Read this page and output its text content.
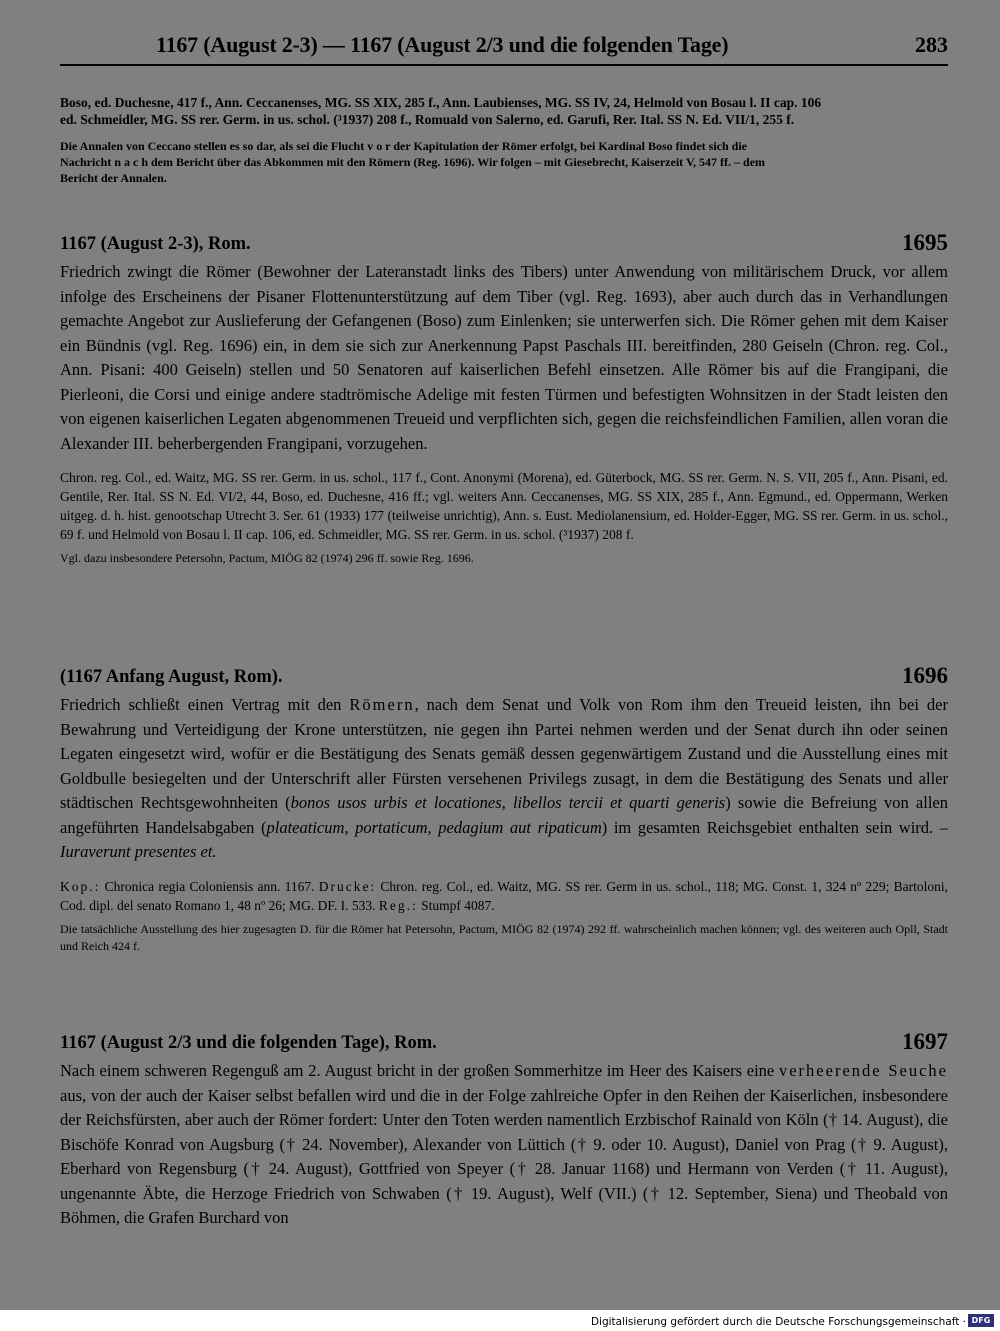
1167 (August 2-3) — 1167 (August 2/3 und die folgenden Tage)	283

Boso, ed. Duchesne, 417 f., Ann. Ceccanenses, MG. SS XIX, 285 f., Ann. Laubienses, MG. SS IV, 24, Helmold von Bosau l. II cap. 106

ed. Schmeidler, MG. SS rer. Germ. in us. schol. (³1937) 208 f., Romuald von Salerno, ed. Garufi, Rer. Ital. SS N. Ed. VII/1, 255 f.

Die Annalen von Ceccano stellen es so dar, als sei die Flucht v o r der Kapitulation der Römer erfolgt, bei Kardinal Boso findet sich die

Nachricht n a c h dem Bericht über das Abkommen mit den Römern (Reg. 1696). Wir folgen – mit Giesebrecht, Kaiserzeit V, 547 ff. – dem

Bericht der Annalen.

1167 (August 2-3), Rom.	1695

Friedrich zwingt die Römer (Bewohner der Lateranstadt links des Tibers) unter Anwendung von militärischem Druck, vor allem infolge des Erscheinens der Pisaner Flottenunterstützung auf dem Tiber (vgl. Reg. 1693), aber auch durch das in Verhandlungen gemachte Angebot zur Auslieferung der Gefangenen (Boso) zum Einlenken; sie unterwerfen sich. Die Römer gehen mit dem Kaiser ein Bündnis (vgl. Reg. 1696) ein, in dem sie sich zur Anerkennung Papst Paschals III. bereitfinden, 280 Geiseln (Chron. reg. Col., Ann. Pisani: 400 Geiseln) stellen und 50 Senatoren auf kaiserlichen Befehl einsetzen. Alle Römer bis auf die Frangipani, die Pierleoni, die Corsi und einige andere stadtrömische Adelige mit festen Türmen und befestigten Wohnsitzen in der Stadt leisten den von eigenen kaiserlichen Legaten abgenommenen Treueid und verpflichten sich, gegen die reichsfeindlichen Familien, allen voran die Alexander III. beherbergenden Frangipani, vorzugehen.

Chron. reg. Col., ed. Waitz, MG. SS rer. Germ. in us. schol., 117 f., Cont. Anonymi (Morena), ed. Güterbock, MG. SS rer. Germ. N. S. VII, 205 f., Ann. Pisani, ed. Gentile, Rer. Ital. SS N. Ed. VI/2, 44, Boso, ed. Duchesne, 416 ff.; vgl. weiters Ann. Ceccanenses, MG. SS XIX, 285 f., Ann. Egmund., ed. Oppermann, Werken uitgeg. d. h. hist. genootschap Utrecht 3. Ser. 61 (1933) 177 (teilweise unrichtig), Ann. s. Eust. Mediolanensium, ed. Holder-Egger, MG. SS rer. Germ. in us. schol., 69 f. und Helmold von Bosau l. II cap. 106, ed. Schmeidler, MG. SS rer. Germ. in us. schol. (³1937) 208 f.

Vgl. dazu insbesondere Petersohn, Pactum, MIÖG 82 (1974) 296 ff. sowie Reg. 1696.

(1167 Anfang August, Rom).	1696

Friedrich schließt einen Vertrag mit den Römern, nach dem Senat und Volk von Rom ihm den Treueid leisten, ihn bei der Bewahrung und Verteidigung der Krone unterstützen, nie gegen ihn Partei nehmen werden und der Senat durch ihn oder seinen Legaten eingesetzt wird, wofür er die Bestätigung des Senats gemäß dessen gegenwärtigem Zustand und die Ausstellung eines mit Goldbulle besiegelten und der Unterschrift aller Fürsten versehenen Privilegs zusagt, in dem die Bestätigung des Senats und aller städtischen Rechtsgewohnheiten (bonos usos urbis et locationes, libellos tercii et quarti generis) sowie die Befreiung von allen angeführten Handelsabgaben (plateaticum, portaticum, pedagium aut ripaticum) im gesamten Reichsgebiet enthalten sein wird. – Iuraverunt presentes et.

Kop.: Chronica regia Coloniensis ann. 1167. Drucke: Chron. reg. Col., ed. Waitz, MG. SS rer. Germ in us. schol., 118; MG. Const. 1, 324 nº 229; Bartoloni, Cod. dipl. del senato Romano 1, 48 nº 26; MG. DF. I. 533. Reg.: Stumpf 4087.

Die tatsächliche Ausstellung des hier zugesagten D. für die Römer hat Petersohn, Pactum, MIÖG 82 (1974) 292 ff. wahrscheinlich machen können; vgl. des weiteren auch Opll, Stadt und Reich 424 f.

1167 (August 2/3 und die folgenden Tage), Rom.	1697

Nach einem schweren Regenguß am 2. August bricht in der großen Sommerhitze im Heer des Kaisers eine verheerende Seuche aus, von der auch der Kaiser selbst befallen wird und die in der Folge zahlreiche Opfer in den Reihen der Kaiserlichen, insbesondere der Reichsfürsten, aber auch der Römer fordert: Unter den Toten werden namentlich Erzbischof Rainald von Köln († 14. August), die Bischöfe Konrad von Augsburg († 24. November), Alexander von Lüttich († 9. oder 10. August), Daniel von Prag († 9. August), Eberhard von Regensburg († 24. August), Gottfried von Speyer († 28. Januar 1168) und Hermann von Verden († 11. August), ungenannte Äbte, die Herzoge Friedrich von Schwaben († 19. August), Welf (VII.) († 12. September, Siena) und Theobald von Böhmen, die Grafen Burchard von

Digitalisierung gefördert durch die Deutsche Forschungsgemeinschaft · DFG
